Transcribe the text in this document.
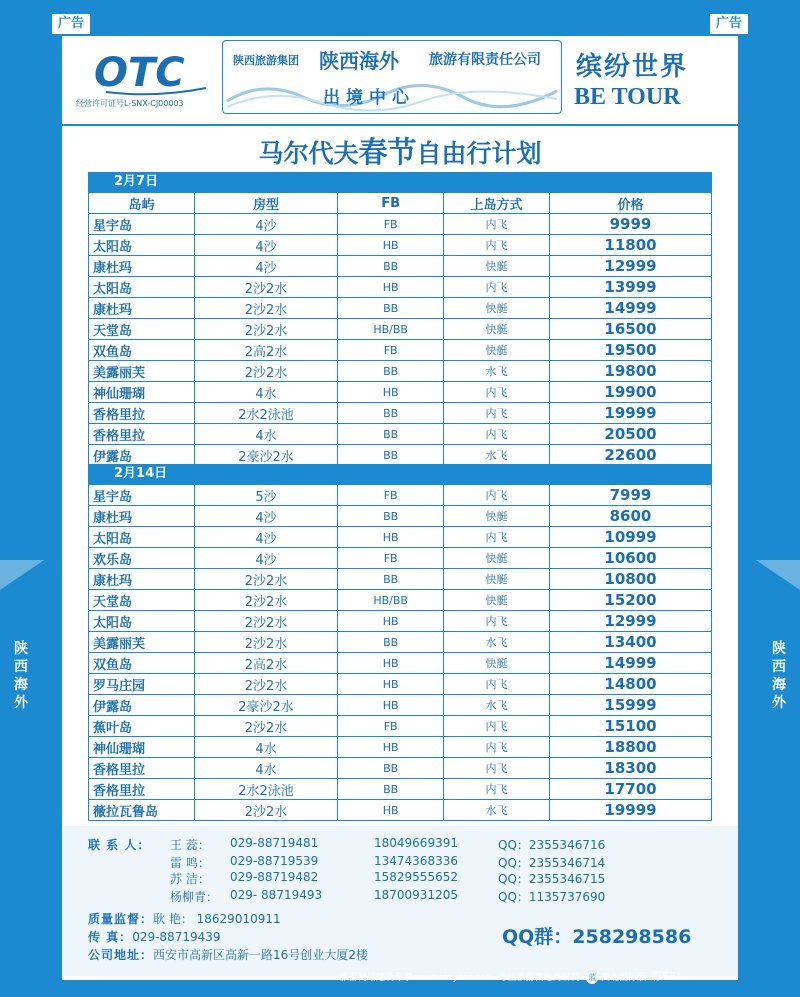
广告	广告
陕
西
海
外
陕
西
海
外
OTC
经营许可证号L-SNX-CJ00003
陕西旅游集团 陕西海外 旅游有限责任公司
出境中心
缤纷世界
BE TOUR
马尔代夫春节自由行计划
2月7日
岛屿	房型	FB	上岛方式	价格
星宇岛	4沙	FB	内飞	9999
太阳岛	4沙	HB	内飞	11800
康杜玛	4沙	BB	快艇	12999
太阳岛	2沙2水	HB	内飞	13999
康杜玛	2沙2水	BB	快艇	14999
天堂岛	2沙2水	HB/BB	快艇	16500
双鱼岛	2高2水	FB	快艇	19500
美露丽芙	2沙2水	BB	水飞	19800
神仙珊瑚	4水	HB	内飞	19900
香格里拉	2水2泳池	BB	内飞	19999
香格里拉	4水	BB	内飞	20500
伊露岛	2豪沙2水	BB	水飞	22600
2月14日
星宇岛	5沙	FB	内飞	7999
康杜玛	4沙	BB	快艇	8600
太阳岛	4沙	HB	内飞	10999
欢乐岛	4沙	FB	快艇	10600
康杜玛	2沙2水	BB	快艇	10800
天堂岛	2沙2水	HB/BB	快艇	15200
太阳岛	2沙2水	HB	内飞	12999
美露丽芙	2沙2水	BB	水飞	13400
双鱼岛	2高2水	HB	快艇	14999
罗马庄园	2沙2水	HB	内飞	14800
伊露岛	2豪沙2水	HB	水飞	15999
蕉叶岛	2沙2水	FB	内飞	15100
神仙珊瑚	4水	HB	内飞	18800
香格里拉	4水	BB	内飞	18300
香格里拉	2水2泳池	BB	内飞	17700
薇拉瓦鲁岛	2沙2水	HB	水飞	19999
联 系 人： 王 蕊： 029-88719481	18049669391	QQ：2355346716
雷 鸣： 029-88719539	13474368336	QQ：2355346714
苏 洁： 029-88719482	15829555652	QQ：2355346715
杨柳青： 029- 88719493	18700931205	QQ：1135737690
质量监督：耿 艳： 18629010911
传 真：029-88719439
公司地址：西安市高新区高新一路16号创业大厦2楼
QQ群：258298586
旅游网站建设专家 www.xinyour.net 专注旅游微电商研发 蓝 西北国际版 彩53
